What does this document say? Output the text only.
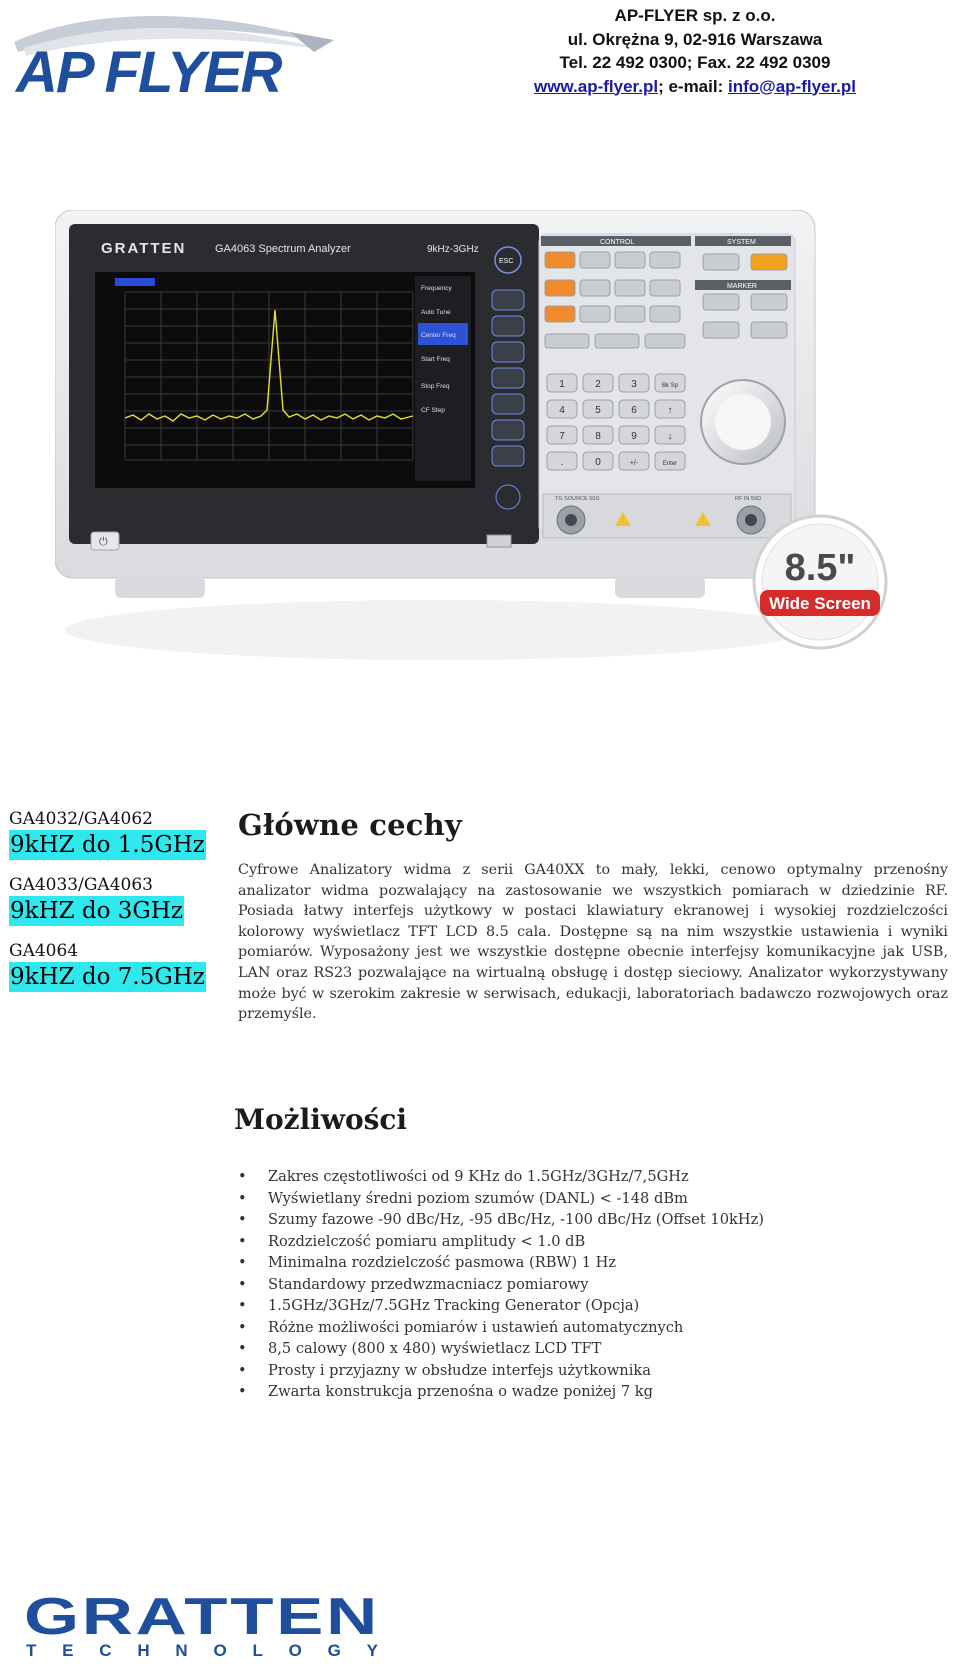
AP FLYER
AP-FLYER sp. z o.o.
ul. Okrężna 9, 02-916 Warszawa
Tel. 22 492 0300; Fax. 22 492 0309
www.ap-flyer.pl; e-mail: info@ap-flyer.pl
GRATTEN	GA4063 Spectrum Analyzer	9kHz-3GHz
Frequency
Auto Tune
Center Freq
Start Freq
Stop Freq
CF Step
ESC
⏻
CONTROL	SYSTEM
MARKER
1	2	3	Bk Sp
4	5	6	↑
7	8	9	↓
.	0	+/-	Enter
TG SOURCE 50Ω	RF IN 50Ω
8.5"
Wide Screen

GA4032/GA4062

9kHZ do 1.5GHz

GA4033/GA4063

9kHZ do 3GHz

GA4064

9kHZ do 7.5GHz
Główne cechy
Cyfrowe Analizatory widma z serii GA40XX to mały, lekki, cenowo optymalny przenośny analizator widma pozwalający na zastosowanie we wszystkich pomiarach w dziedzinie RF. Posiada łatwy interfejs użytkowy w postaci klawiatury ekranowej i wysokiej rozdzielczości kolorowy wyświetlacz TFT LCD 8.5 cala. Dostępne są na nim wszystkie ustawienia i wyniki pomiarów. Wyposażony jest we wszystkie dostępne obecnie interfejsy komunikacyjne jak USB, LAN oraz RS23 pozwalające na wirtualną obsługę i dostęp sieciowy. Analizator wykorzystywany może być w szerokim zakresie w serwisach, edukacji, laboratoriach badawczo rozwojowych oraz przemyśle.
Możliwości
• Zakres częstotliwości od 9 KHz do 1.5GHz/3GHz/7,5GHz
• Wyświetlany średni poziom szumów (DANL) < -148 dBm
• Szumy fazowe -90 dBc/Hz, -95 dBc/Hz, -100 dBc/Hz (Offset 10kHz)
• Rozdzielczość pomiaru amplitudy < 1.0 dB
• Minimalna rozdzielczość pasmowa (RBW) 1 Hz
• Standardowy przedwzmacniacz pomiarowy
• 1.5GHz/3GHz/7.5GHz Tracking Generator (Opcja)
• Różne możliwości pomiarów i ustawień automatycznych
• 8,5 calowy (800 x 480) wyświetlacz LCD TFT
• Prosty i przyjazny w obsłudze interfejs użytkownika
• Zwarta konstrukcja przenośna o wadze poniżej 7 kg
GRATTEN
TECHNOLOGY
